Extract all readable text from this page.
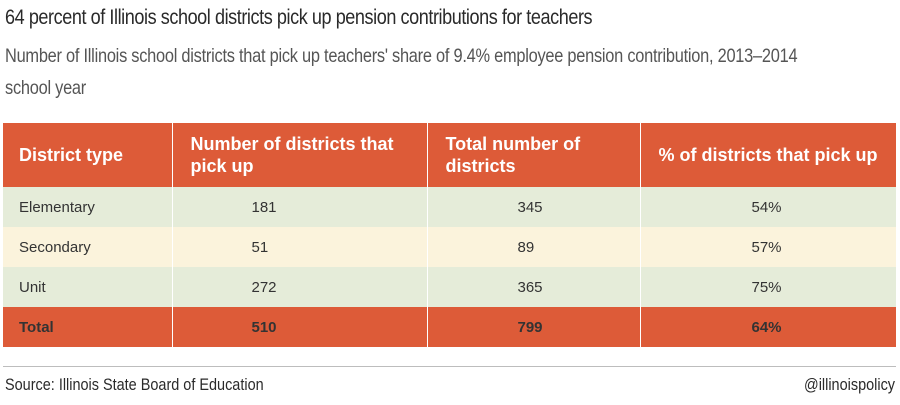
64 percent of Illinois school districts pick up pension contributions for teachers
Number of Illinois school districts that pick up teachers' share of 9.4% employee pension contribution, 2013–2014 school year
District type	Number of districts that pick up	Total number of districts	% of districts that pick up
Elementary	181	345	54%
Secondary	51	89	57%
Unit	272	365	75%
Total	510	799	64%
Source: Illinois State Board of Education	@illinoispolicy
